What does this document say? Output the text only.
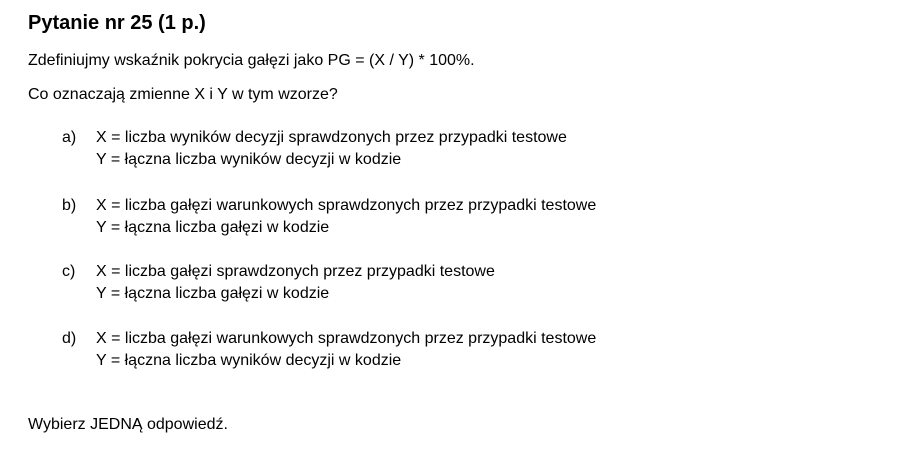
Pytanie nr 25 (1 p.)
Zdefiniujmy wskaźnik pokrycia gałęzi jako PG = (X / Y) * 100%.
Co oznaczają zmienne X i Y w tym wzorze?
a) X = liczba wyników decyzji sprawdzonych przez przypadki testowe
Y = łączna liczba wyników decyzji w kodzie
b) X = liczba gałęzi warunkowych sprawdzonych przez przypadki testowe
Y = łączna liczba gałęzi w kodzie
c) X = liczba gałęzi sprawdzonych przez przypadki testowe
Y = łączna liczba gałęzi w kodzie
d) X = liczba gałęzi warunkowych sprawdzonych przez przypadki testowe
Y = łączna liczba wyników decyzji w kodzie
Wybierz JEDNĄ odpowiedź.
